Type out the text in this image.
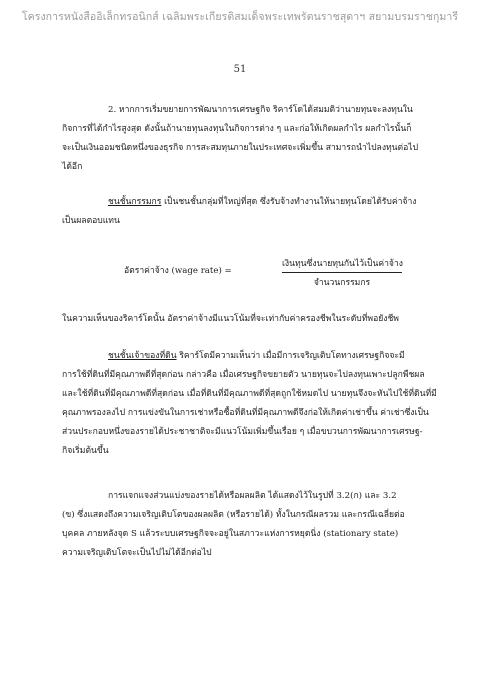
โครงการหนังสืออิเล็กทรอนิกส์ เฉลิมพระเกียรติสมเด็จพระเทพรัตนราชสุดาฯ สยามบรมราชกุมารี
51
2. หากการเริ่มขยายการพัฒนาการเศรษฐกิจ ริคาร์โดได้สมมติว่านายทุนจะลงทุนใน
กิจการที่ได้กำไรสูงสุด ดังนั้นถ้านายทุนลงทุนในกิจการต่าง ๆ และก่อให้เกิดผลกำไร ผลกำไรนั้นก็
จะเป็นเงินออมชนิดหนึ่งของธุรกิจ การสะสมทุนภายในประเทศจะเพิ่มขึ้น สามารถนำไปลงทุนต่อไป
ได้อีก
ชนชั้นกรรมกร เป็นชนชั้นกลุ่มที่ใหญ่ที่สุด ซึ่งรับจ้างทำงานให้นายทุนโดยได้รับค่าจ้าง
เป็นผลตอบแทน
อัตราค่าจ้าง (wage rate) =
เงินทุนซึ่งนายทุนกันไว้เป็นค่าจ้าง
จำนวนกรรมกร
ในความเห็นของริคาร์โดนั้น อัตราค่าจ้างมีแนวโน้มที่จะเท่ากับค่าครองชีพในระดับที่พอยังชีพ
ชนชั้นเจ้าของที่ดิน ริคาร์โดมีความเห็นว่า เมื่อมีการเจริญเติบโตทางเศรษฐกิจจะมี
การใช้ที่ดินที่มีคุณภาพดีที่สุดก่อน กล่าวคือ เมื่อเศรษฐกิจขยายตัว นายทุนจะไปลงทุนเพาะปลูกพืชผล
และใช้ที่ดินที่มีคุณภาพดีที่สุดก่อน เมื่อที่ดินที่มีคุณภาพดีที่สุดถูกใช้หมดไป นายทุนจึงจะหันไปใช้ที่ดินที่มี
คุณภาพรองลงไป การแข่งขันในการเช่าหรือซื้อที่ดินที่มีคุณภาพดีจึงก่อให้เกิดค่าเช่าขึ้น ค่าเช่าซึ่งเป็น
ส่วนประกอบหนึ่งของรายได้ประชาชาติจะมีแนวโน้มเพิ่มขึ้นเรื่อย ๆ เมื่อขบวนการพัฒนาการเศรษฐ-
กิจเริ่มต้นขึ้น
การแจกแจงส่วนแบ่งของรายได้หรือผลผลิต ได้แสดงไว้ในรูปที่ 3.2(ก) และ 3.2
(ข) ซึ่งแสดงถึงความเจริญเติบโตของผลผลิต (หรือรายได้) ทั้งในกรณีผลรวม และกรณีเฉลี่ยต่อ
บุคคล ภายหลังจุด S แล้วระบบเศรษฐกิจจะอยู่ในสภาวะแห่งการหยุดนิ่ง (stationary state)
ความเจริญเติบโตจะเป็นไปไม่ได้อีกต่อไป
